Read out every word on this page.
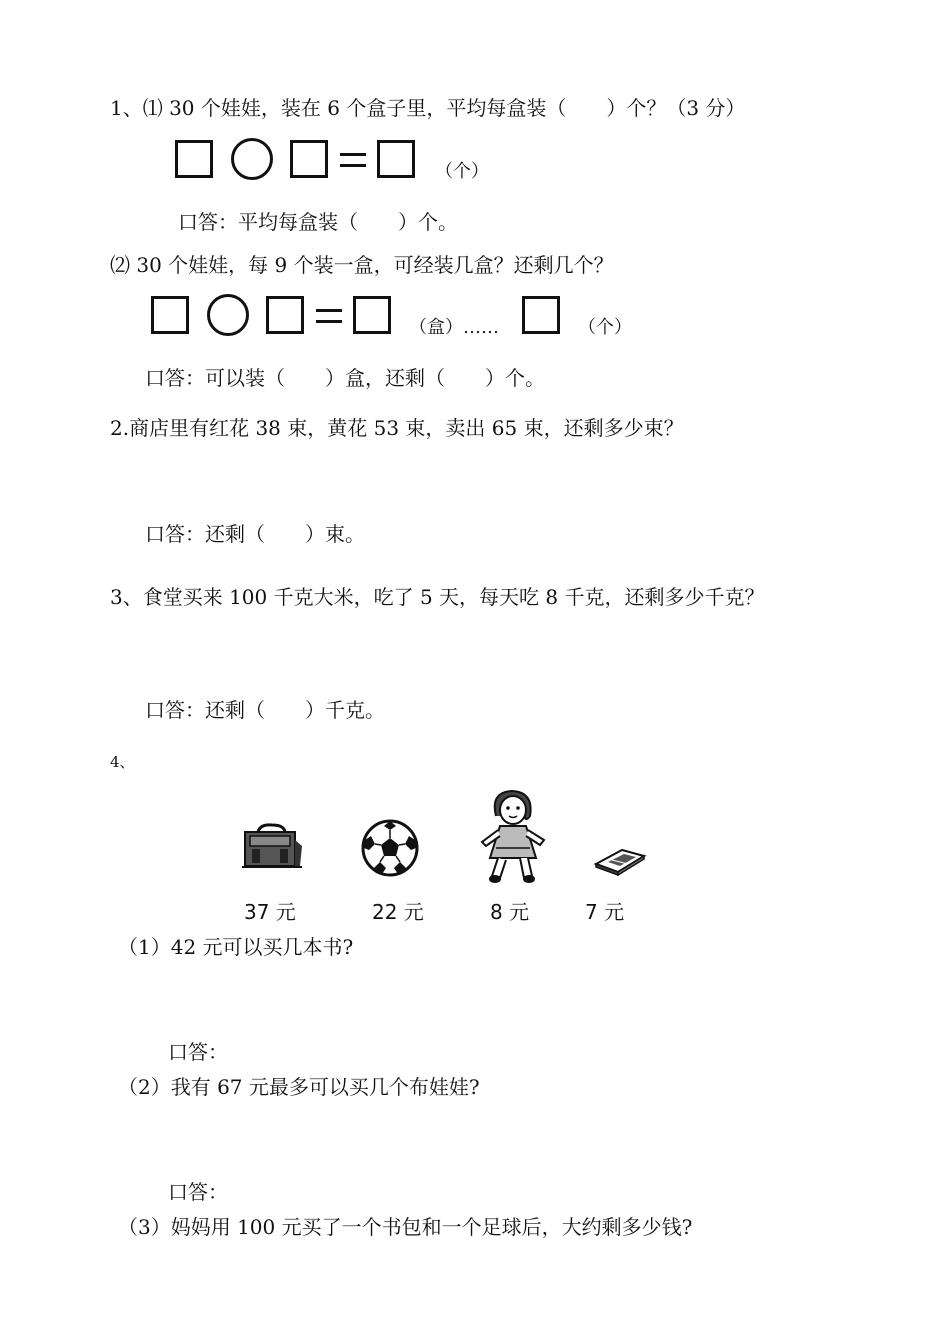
1、⑴ 30 个娃娃，装在 6 个盒子里，平均每盒装（　　）个？（3 分）
（个）
口答：平均每盒装（　　）个。
⑵ 30 个娃娃，每 9 个装一盒，可经装几盒？还剩几个？
（盒）……	（个）
口答：可以装（　　）盒，还剩（　　）个。
2.商店里有红花 38 束，黄花 53 束，卖出 65 束，还剩多少束？
口答：还剩（　　）束。
3、食堂买来 100 千克大米，吃了 5 天，每天吃 8 千克，还剩多少千克？
口答：还剩（　　）千克。
4、
37 元	22 元	8 元	7 元
（1）42 元可以买几本书?
口答：
（2）我有 67 元最多可以买几个布娃娃?
口答：
（3）妈妈用 100 元买了一个书包和一个足球后，大约剩多少钱?
